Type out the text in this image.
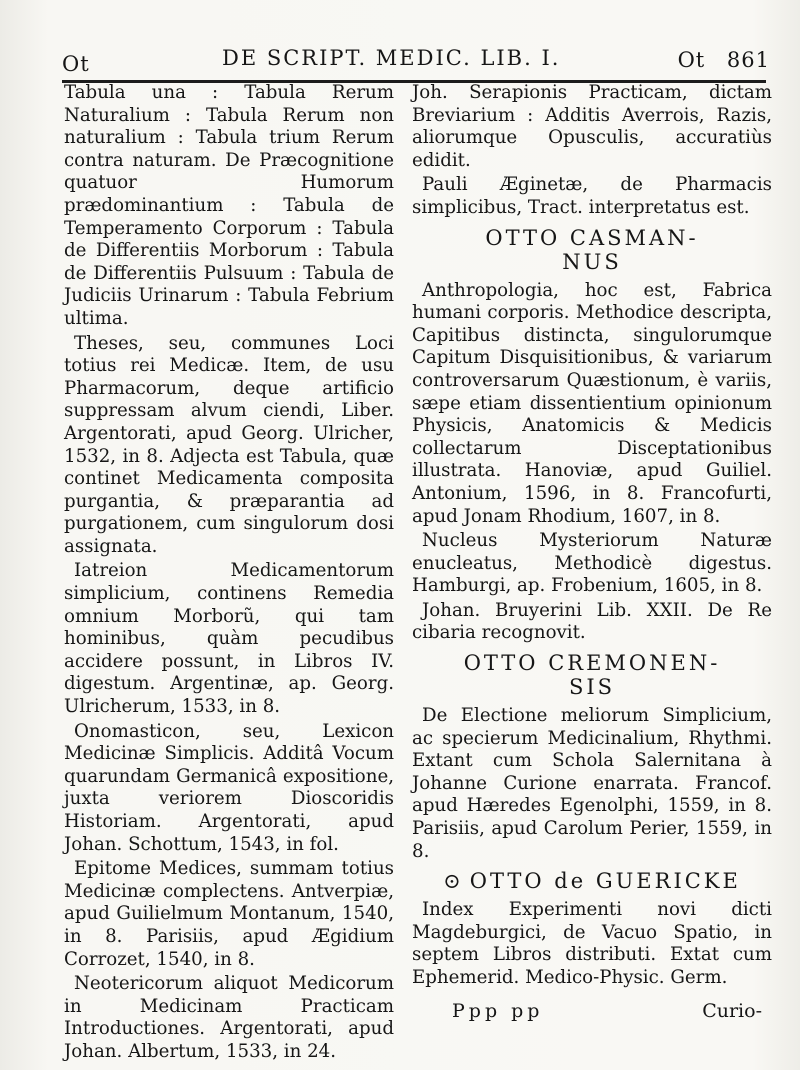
Ot	DE SCRIPT. MEDIC. LIB. I.	Ot 861

Tabula una : Tabula Rerum Naturalium : Tabula Rerum non naturalium : Tabula trium Rerum contra naturam. De Præcognitione quatuor Humorum prædominantium : Tabula de Temperamento Corporum : Tabula de Differentiis Morborum : Tabula de Differentiis Pulsuum : Tabula de Judiciis Urinarum : Tabula Febrium ultima.

Theses, seu, communes Loci totius rei Medicæ. Item, de usu Pharmacorum, deque artificio suppressam alvum ciendi, Liber. Argentorati, apud Georg. Ulricher, 1532, in 8. Adjecta est Tabula, quæ continet Medicamenta composita purgantia, & præparantia ad purgationem, cum singulorum dosi assignata.

Iatreion Medicamentorum simplicium, continens Remedia omnium Morborũ, qui tam hominibus, quàm pecudibus accidere possunt, in Libros IV. digestum. Argentinæ, ap. Georg. Ulricherum, 1533, in 8.

Onomasticon, seu, Lexicon Medicinæ Simplicis. Additâ Vocum quarundam Germanicâ expositione, juxta veriorem Dioscoridis Historiam. Argentorati, apud Johan. Schottum, 1543, in fol.

Epitome Medices, summam totius Medicinæ complectens. Antverpiæ, apud Guilielmum Montanum, 1540, in 8. Parisiis, apud Ægidium Corrozet, 1540, in 8.

Neotericorum aliquot Medicorum in Medicinam Practicam Introductiones. Argentorati, apud Johan. Albertum, 1533, in 24.

Joh. Serapionis Practicam, dictam Breviarium : Additis Averrois, Razis, aliorumque Opusculis, accuratiùs edidit.

Pauli Æginetæ, de Pharmacis simplicibus, Tract. interpretatus est.

OTTO CASMAN-
NUS

Anthropologia, hoc est, Fabrica humani corporis. Methodice descripta, Capitibus distincta, singulorumque Capitum Disquisitionibus, & variarum controversarum Quæstionum, è variis, sæpe etiam dissentientium opinionum Physicis, Anatomicis & Medicis collectarum Disceptationibus illustrata. Hanoviæ, apud Guiliel. Antonium, 1596, in 8. Francofurti, apud Jonam Rhodium, 1607, in 8.

Nucleus Mysteriorum Naturæ enucleatus, Methodicè digestus. Hamburgi, ap. Frobenium, 1605, in 8.

Johan. Bruyerini Lib. XXII. De Re cibaria recognovit.

OTTO CREMONEN-
SIS

De Electione meliorum Simplicium, ac specierum Medicinalium, Rhythmi. Extant cum Schola Salernitana à Johanne Curione enarrata. Francof. apud Hæredes Egenolphi, 1559, in 8. Parisiis, apud Carolum Perier, 1559, in 8.

⊙ OTTO de GUERICKE

Index Experimenti novi dicti Magdeburgici, de Vacuo Spatio, in septem Libros distributi. Extat cum Ephemerid. Medico-Physic. Germ.

Ppp pp	Curio-
